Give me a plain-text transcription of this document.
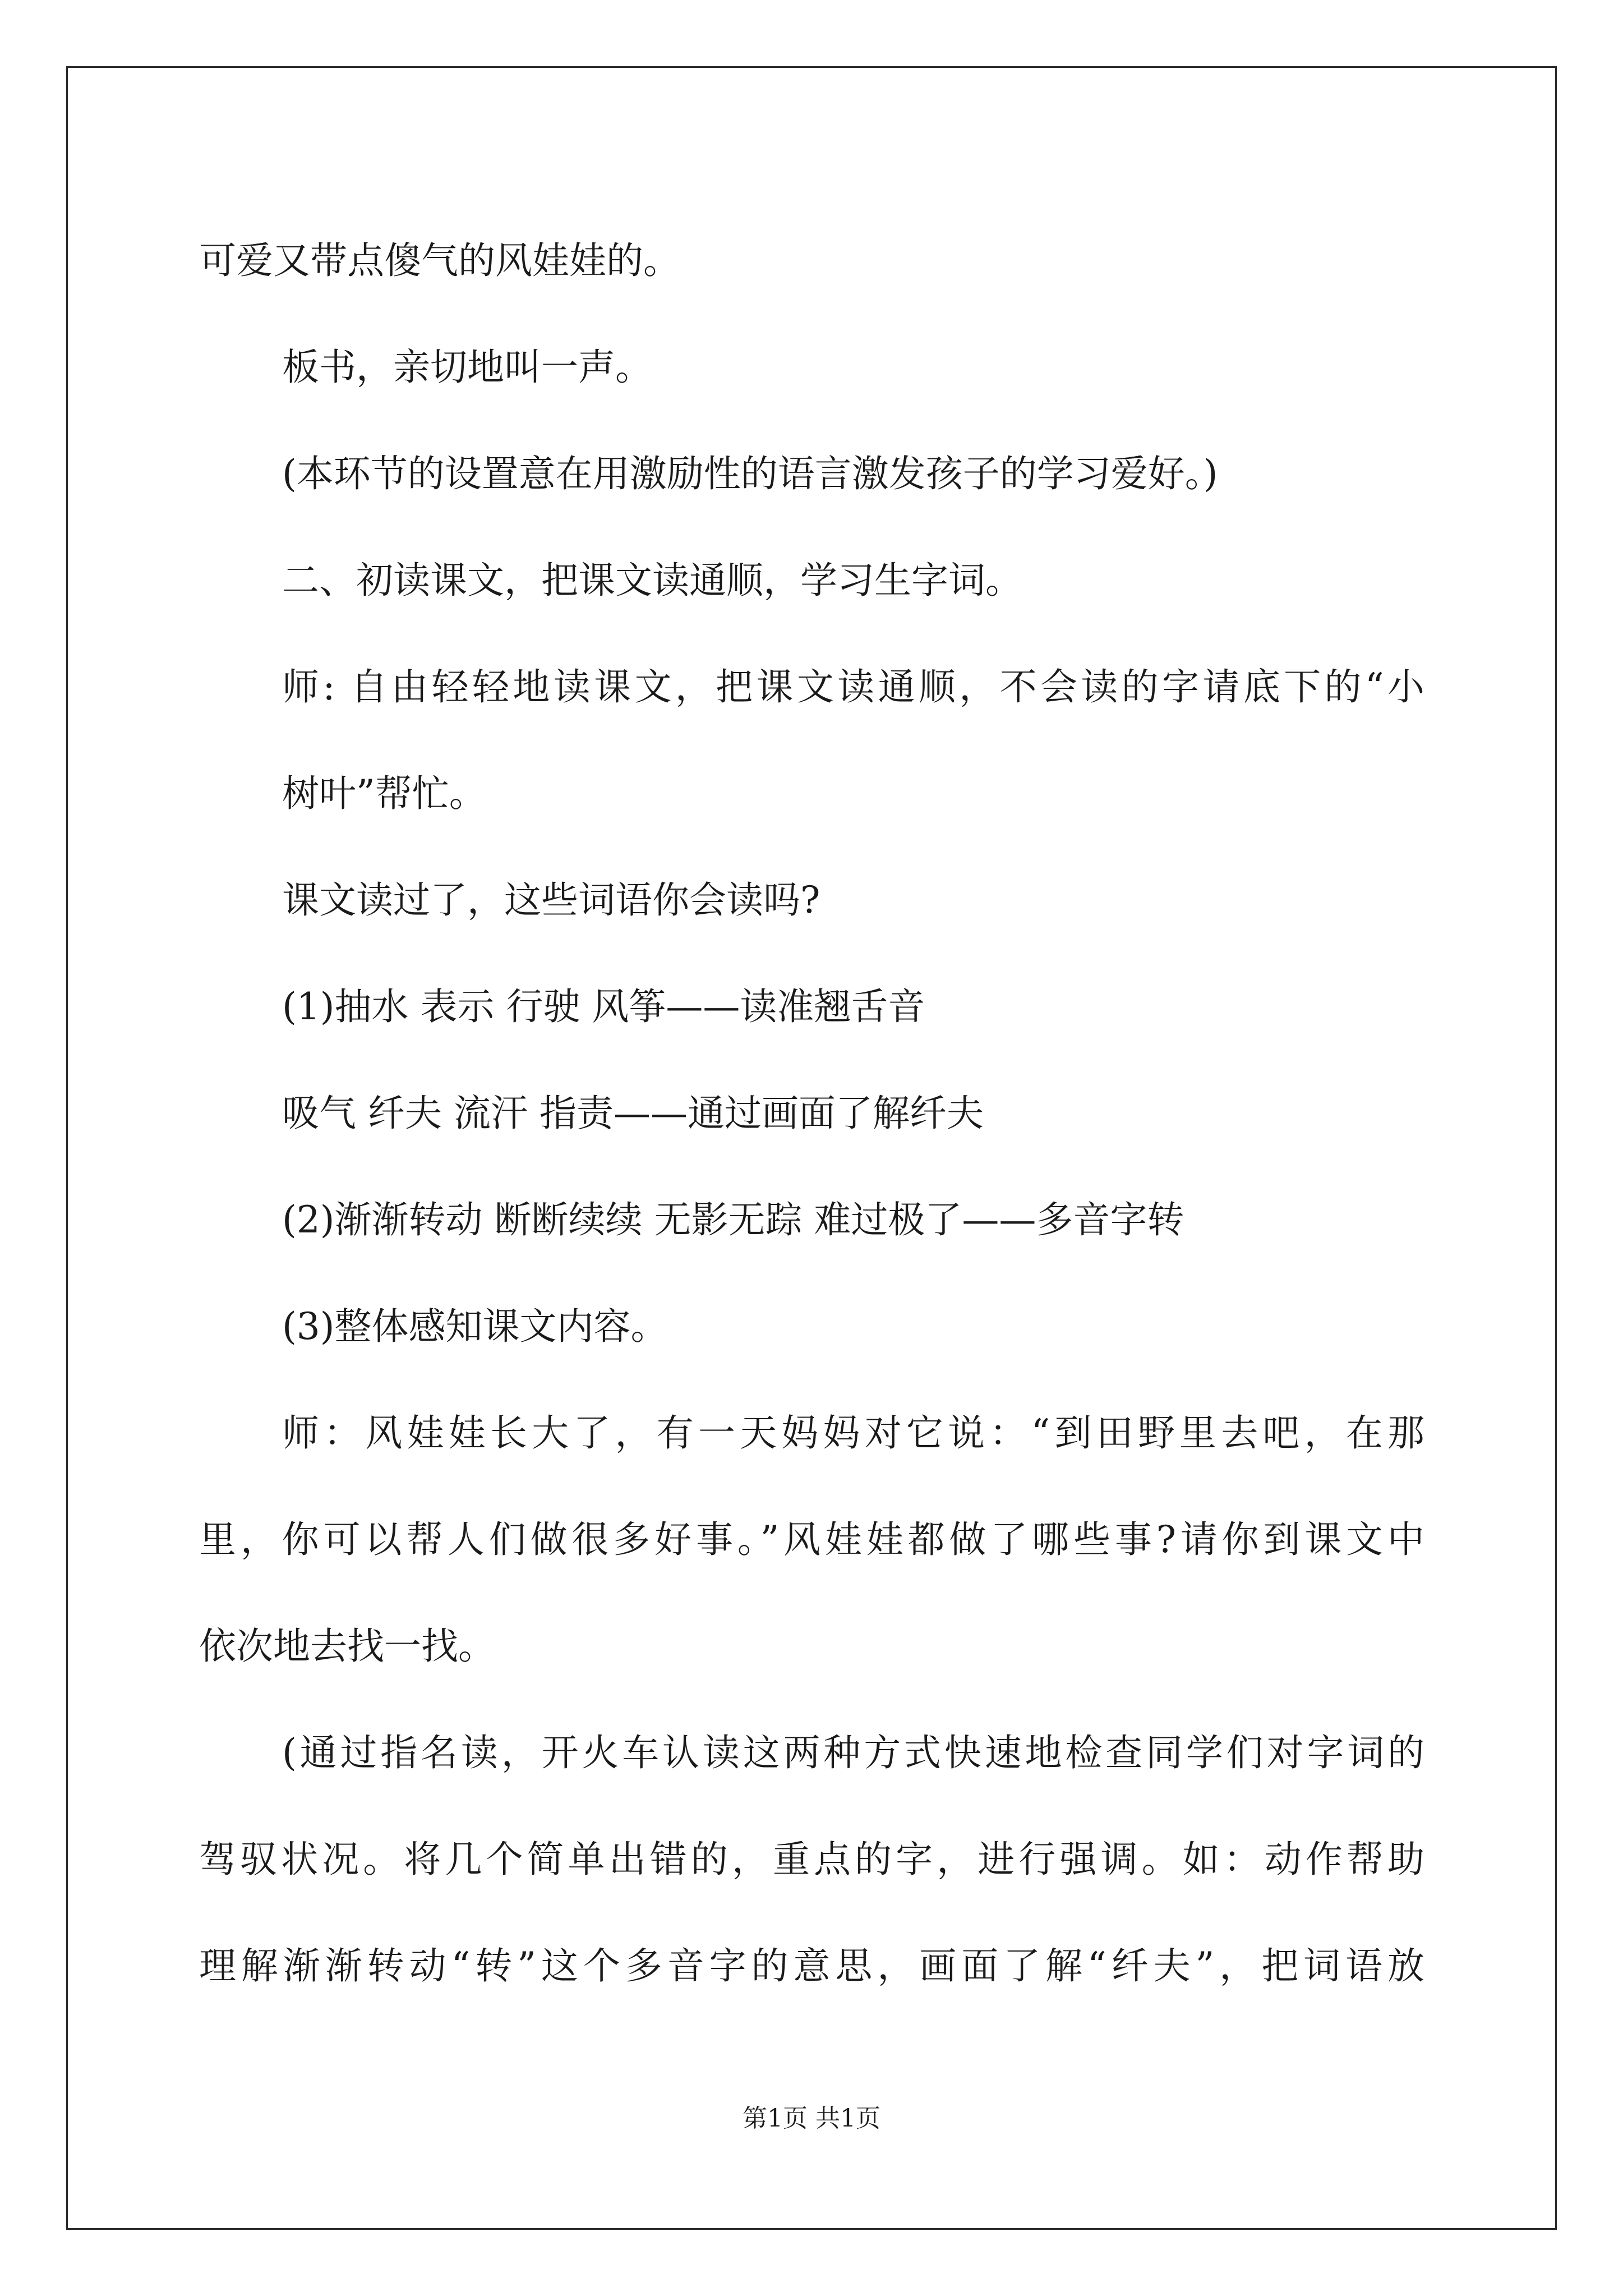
可爱又带点傻气的风娃娃的。
板书，亲切地叫一声。
(本环节的设置意在用激励性的语言激发孩子的学习爱好。)
二、初读课文，把课文读通顺，学习生字词。
师: 自由轻轻地读课文，把课文读通顺，不会读的字请底下的“小
树叶”帮忙。
课文读过了，这些词语你会读吗?
(1)抽水 表示 行驶 风筝——读准翘舌音
吸气 纤夫 流汗 指责——通过画面了解纤夫
(2)渐渐转动 断断续续 无影无踪 难过极了——多音字转
(3)整体感知课文内容。
师：风娃娃长大了，有一天妈妈对它说：“到田野里去吧，在那
里，你可以帮人们做很多好事。”风娃娃都做了哪些事?请你到课文中
依次地去找一找。
(通过指名读，开火车认读这两种方式快速地检查同学们对字词的
驾驭状况。将几个简单出错的，重点的字，进行强调。如：动作帮助
理解渐渐转动“转”这个多音字的意思，画面了解“纤夫”，把词语放
第1页 共1页
